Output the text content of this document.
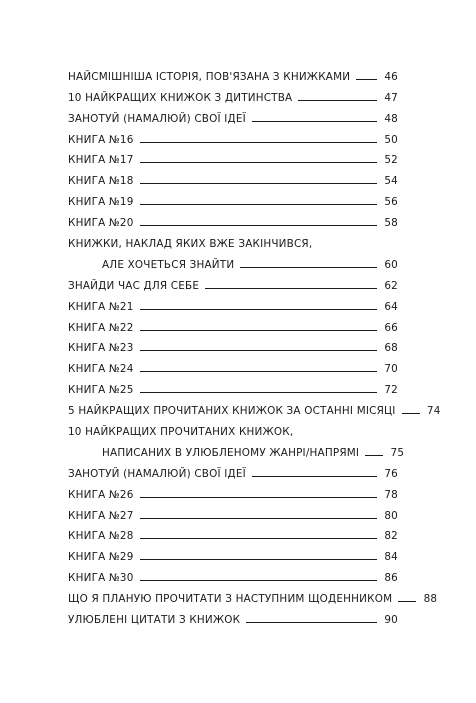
НАЙСМІШНІША ІСТОРІЯ, ПОВ'ЯЗАНА З КНИЖКАМИ	46
10 НАЙКРАЩИХ КНИЖОК З ДИТИНСТВА	47
ЗАНОТУЙ (НАМАЛЮЙ) СВОЇ ІДЕЇ	48
КНИГА №16	50
КНИГА №17	52
КНИГА №18	54
КНИГА №19	56
КНИГА №20	58
КНИЖКИ, НАКЛАД ЯКИХ ВЖЕ ЗАКІНЧИВСЯ,
АЛЕ ХОЧЕТЬСЯ ЗНАЙТИ	60
ЗНАЙДИ ЧАС ДЛЯ СЕБЕ	62
КНИГА №21	64
КНИГА №22	66
КНИГА №23	68
КНИГА №24	70
КНИГА №25	72
5 НАЙКРАЩИХ ПРОЧИТАНИХ КНИЖОК ЗА ОСТАННІ МІСЯЦІ	74
10 НАЙКРАЩИХ ПРОЧИТАНИХ КНИЖОК,
НАПИСАНИХ В УЛЮБЛЕНОМУ ЖАНРІ/НАПРЯМІ	75
ЗАНОТУЙ (НАМАЛЮЙ) СВОЇ ІДЕЇ	76
КНИГА №26	78
КНИГА №27	80
КНИГА №28	82
КНИГА №29	84
КНИГА №30	86
ЩО Я ПЛАНУЮ ПРОЧИТАТИ З НАСТУПНИМ ЩОДЕННИКОМ	88
УЛЮБЛЕНІ ЦИТАТИ З КНИЖОК	90
